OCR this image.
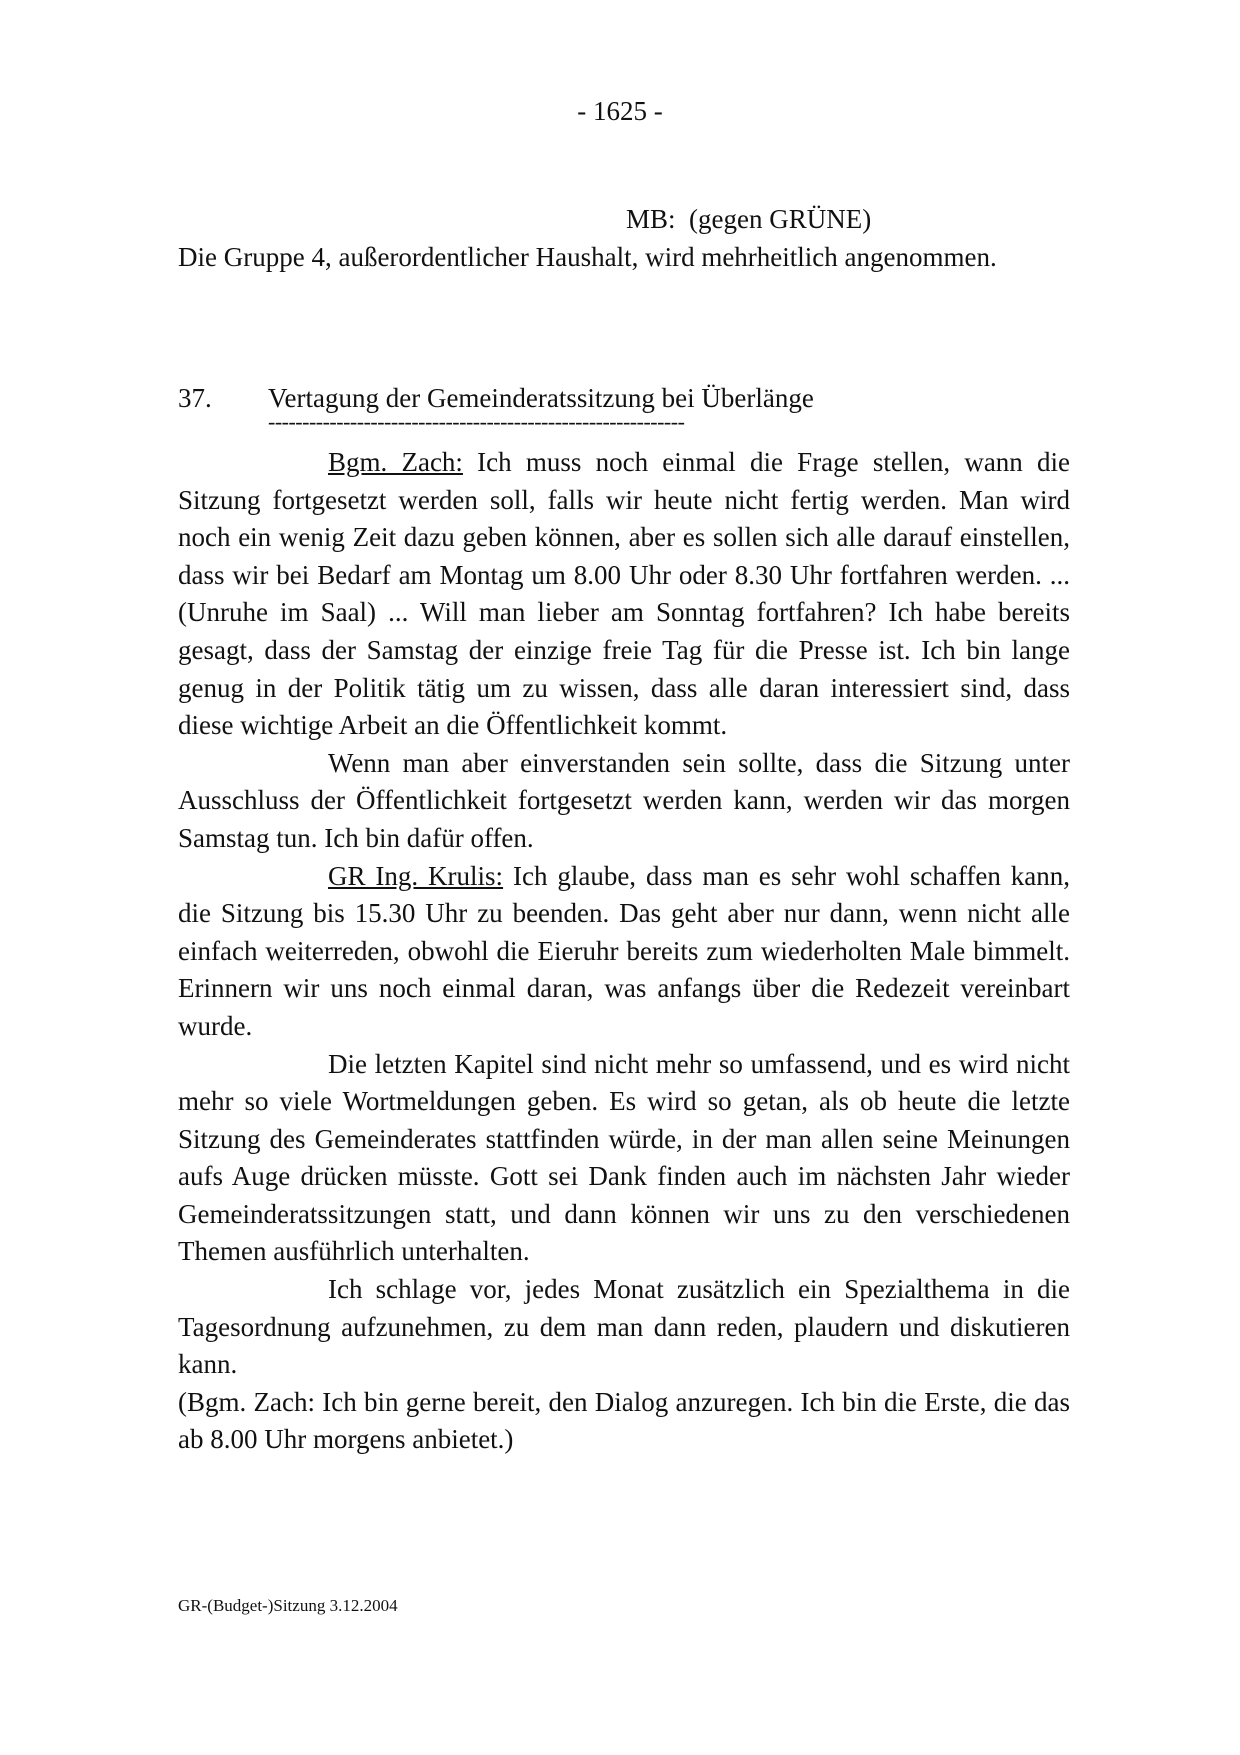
- 1625 -
MB: (gegen GRÜNE)
Die Gruppe 4, außerordentlicher Haushalt, wird mehrheitlich angenommen.
37. Vertagung der Gemeinderatssitzung bei Überlänge
-------------------------------------------------------------

Bgm. Zach: Ich muss noch einmal die Frage stellen, wann die Sitzung fortgesetzt werden soll, falls wir heute nicht fertig werden. Man wird noch ein wenig Zeit dazu geben können, aber es sollen sich alle darauf einstellen, dass wir bei Bedarf am Montag um 8.00 Uhr oder 8.30 Uhr fortfahren werden. ... (Unruhe im Saal) ... Will man lieber am Sonntag fortfahren? Ich habe bereits gesagt, dass der Samstag der einzige freie Tag für die Presse ist. Ich bin lange genug in der Politik tätig um zu wissen, dass alle daran interessiert sind, dass diese wichtige Arbeit an die Öffentlichkeit kommt.

Wenn man aber einverstanden sein sollte, dass die Sitzung unter Ausschluss der Öffentlichkeit fortgesetzt werden kann, werden wir das morgen Samstag tun. Ich bin dafür offen.

GR Ing. Krulis: Ich glaube, dass man es sehr wohl schaffen kann, die Sitzung bis 15.30 Uhr zu beenden. Das geht aber nur dann, wenn nicht alle einfach weiterreden, obwohl die Eieruhr bereits zum wiederholten Male bimmelt. Erinnern wir uns noch einmal daran, was anfangs über die Redezeit vereinbart wurde.

Die letzten Kapitel sind nicht mehr so umfassend, und es wird nicht mehr so viele Wortmeldungen geben. Es wird so getan, als ob heute die letzte Sitzung des Gemeinderates stattfinden würde, in der man allen seine Meinungen aufs Auge drücken müsste. Gott sei Dank finden auch im nächsten Jahr wieder Gemeinderatssitzungen statt, und dann können wir uns zu den verschiedenen Themen ausführlich unterhalten.

Ich schlage vor, jedes Monat zusätzlich ein Spezialthema in die Tagesordnung aufzunehmen, zu dem man dann reden, plaudern und diskutieren kann.

(Bgm. Zach: Ich bin gerne bereit, den Dialog anzuregen. Ich bin die Erste, die das ab 8.00 Uhr morgens anbietet.)

GR-(Budget-)Sitzung 3.12.2004
